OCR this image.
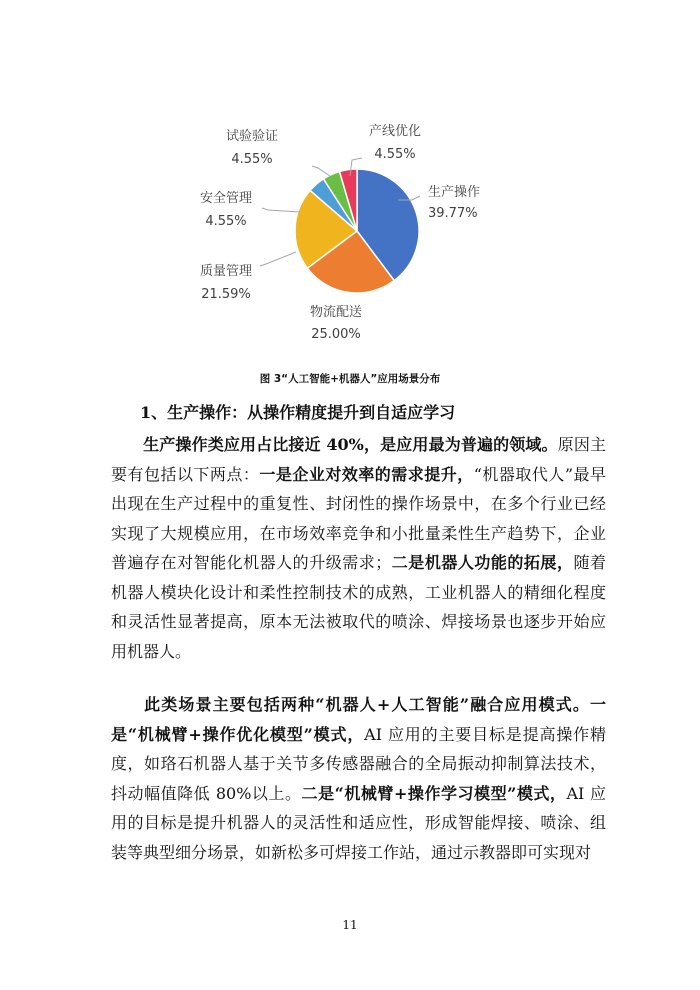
生产操作
39.77%
物流配送
25.00%
质量管理
21.59%
安全管理
4.55%
试验验证
4.55%
产线优化
4.55%
图 3“人工智能+机器人”应用场景分布
1、生产操作：从操作精度提升到自适应学习

生产操作类应用占比接近 40%，是应用最为普遍的领域。原因主要有包括以下两点：一是企业对效率的需求提升，“机器取代人”最早出现在生产过程中的重复性、封闭性的操作场景中，在多个行业已经实现了大规模应用，在市场效率竞争和小批量柔性生产趋势下，企业普遍存在对智能化机器人的升级需求；二是机器人功能的拓展，随着机器人模块化设计和柔性控制技术的成熟，工业机器人的精细化程度和灵活性显著提高，原本无法被取代的喷涂、焊接场景也逐步开始应用机器人。

此类场景主要包括两种“机器人+人工智能”融合应用模式。一是“机械臂+操作优化模型”模式，AI 应用的主要目标是提高操作精度，如珞石机器人基于关节多传感器融合的全局振动抑制算法技术，抖动幅值降低 80%以上。二是“机械臂+操作学习模型”模式，AI 应用的目标是提升机器人的灵活性和适应性，形成智能焊接、喷涂、组装等典型细分场景，如新松多可焊接工作站，通过示教器即可实现对

11
